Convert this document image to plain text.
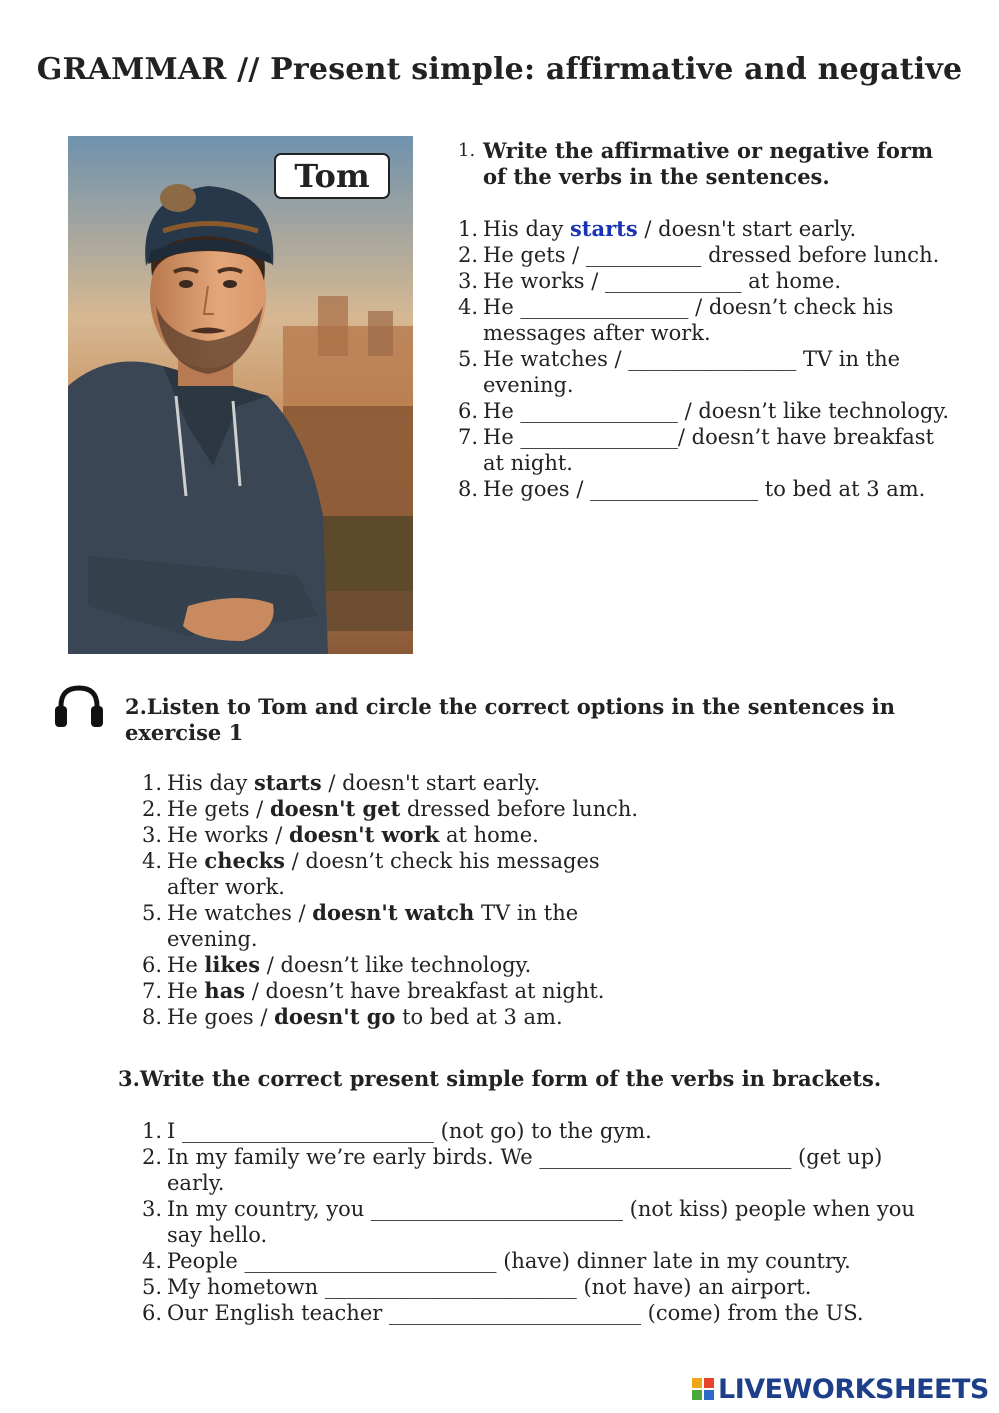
GRAMMAR // Present simple: affirmative and negative
Tom
1. Write the affirmative or negative form of the verbs in the sentences.
1. His day starts / doesn't start early.
2. He gets / ___________ dressed before lunch.
3. He works / _____________ at home.
4. He ________________ / doesn’t check his messages after work.
5. He watches / ________________ TV in the evening.
6. He _______________ / doesn’t like technology.
7. He _______________/ doesn’t have breakfast at night.
8. He goes / ________________ to bed at 3 am.
2.Listen to Tom and circle the correct options in the sentences in exercise 1
1. His day starts / doesn't start early.
2. He gets / doesn't get dressed before lunch.
3. He works / doesn't work at home.
4. He checks / doesn’t check his messages after work.
5. He watches / doesn't watch TV in the evening.
6. He likes / doesn’t like technology.
7. He has / doesn’t have breakfast at night.
8. He goes / doesn't go to bed at 3 am.
3.Write the correct present simple form of the verbs in brackets.
1. I ________________________ (not go) to the gym.
2. In my family we’re early birds. We ________________________ (get up) early.
3. In my country, you ________________________ (not kiss) people when you say hello.
4. People ________________________ (have) dinner late in my country.
5. My hometown ________________________ (not have) an airport.
6. Our English teacher ________________________ (come) from the US.
LIVEWORKSHEETS
